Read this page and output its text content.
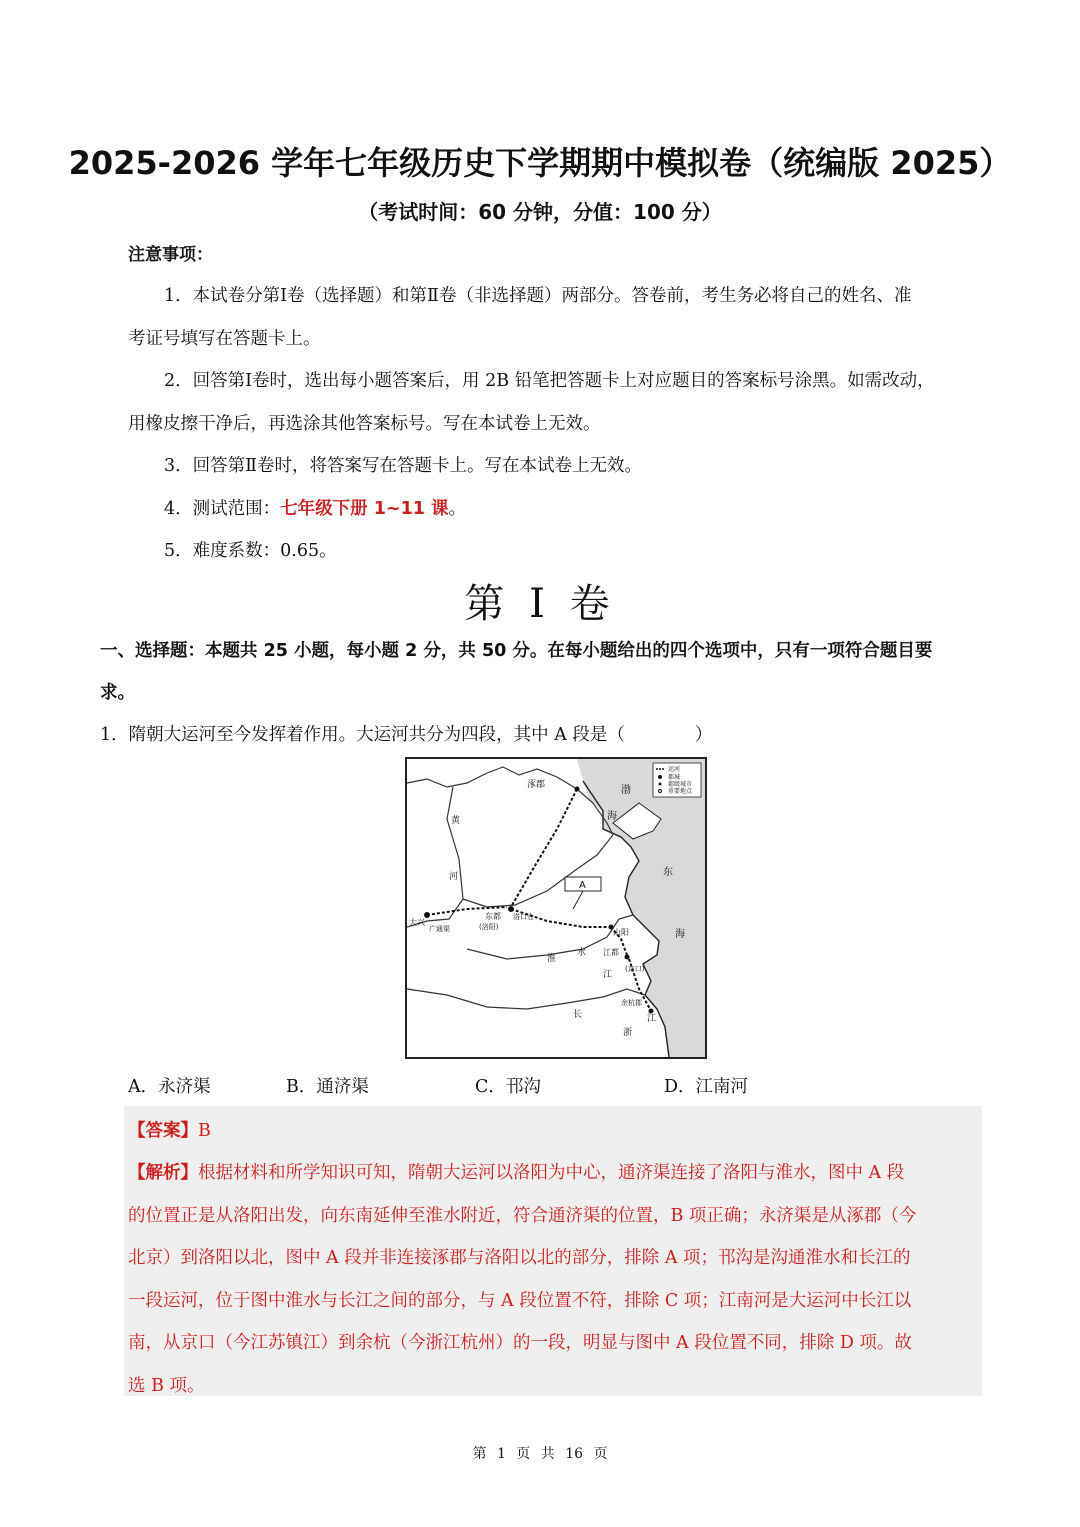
2025-2026 学年七年级历史下学期期中模拟卷（统编版 2025）
（考试时间：60 分钟，分值：100 分）
注意事项：
1．本试卷分第Ⅰ卷（选择题）和第Ⅱ卷（非选择题）两部分。答卷前，考生务必将自己的姓名、准
考证号填写在答题卡上。
2．回答第Ⅰ卷时，选出每小题答案后，用 2B 铅笔把答题卡上对应题目的答案标号涂黑。如需改动，
用橡皮擦干净后，再选涂其他答案标号。写在本试卷上无效。
3．回答第Ⅱ卷时，将答案写在答题卡上。写在本试卷上无效。
4．测试范围：七年级下册 1~11 课。
5．难度系数：0.65。
第 I 卷
一、选择题：本题共 25 小题，每小题 2 分，共 50 分。在每小题给出的四个选项中，只有一项符合题目要
求。
1．隋朝大运河至今发挥着作用。大运河共分为四段，其中 A 段是（　　　　）
运河
都城
郡级城市
重要地点
涿郡	渤
海
黄
河	东
海
A
大兴
广通渠
东都
(洛阳)
洛口仓
山阳
江都
(京口)
余杭郡
淮
水
江
长	江
浙
A．永济渠	B．通济渠	C．邗沟	D．江南河
【答案】B
【解析】根据材料和所学知识可知，隋朝大运河以洛阳为中心，通济渠连接了洛阳与淮水，图中 A 段
的位置正是从洛阳出发，向东南延伸至淮水附近，符合通济渠的位置，B 项正确；永济渠是从涿郡（今
北京）到洛阳以北，图中 A 段并非连接涿郡与洛阳以北的部分，排除 A 项；邗沟是沟通淮水和长江的
一段运河，位于图中淮水与长江之间的部分，与 A 段位置不符，排除 C 项；江南河是大运河中长江以
南，从京口（今江苏镇江）到余杭（今浙江杭州）的一段，明显与图中 A 段位置不同，排除 D 项。故
选 B 项。
第 1 页 共 16 页
